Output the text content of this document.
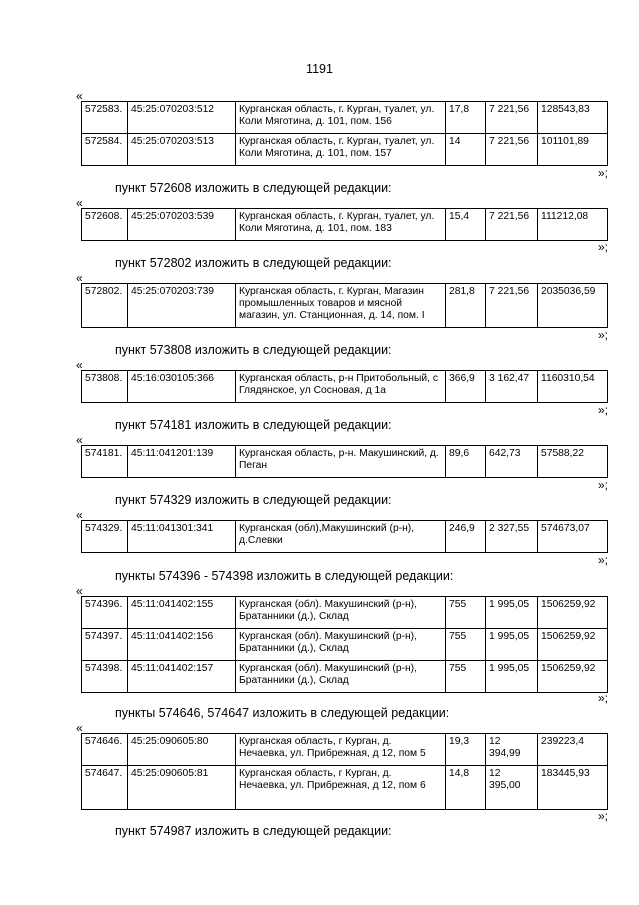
1191
«
572583.	45:25:070203:512	Курганская область, г. Курган, туалет, ул. Коли Мяготина, д. 101, пом. 156	17,8	7 221,56	128543,83
572584.	45:25:070203:513	Курганская область, г. Курган, туалет, ул. Коли Мяготина, д. 101, пом. 157	14	7 221,56	101101,89
»;
пункт 572608 изложить в следующей редакции:
«
572608.	45:25:070203:539	Курганская область, г. Курган, туалет, ул. Коли Мяготина, д. 101, пом. 183	15,4	7 221,56	111212,08
»;
пункт 572802 изложить в следующей редакции:
«
572802.	45:25:070203:739	Курганская область, г. Курган, Магазин промышленных товаров и мясной магазин, ул. Станционная, д. 14, пом. I	281,8	7 221,56	2035036,59
»;
пункт 573808 изложить в следующей редакции:
«
573808.	45:16:030105:366	Курганская область, р-н Притобольный, с Глядянское, ул Сосновая, д 1а	366,9	3 162,47	1160310,54
»;
пункт 574181 изложить в следующей редакции:
«
574181.	45:11:041201:139	Курганская область, р-н. Макушинский, д. Пеган	89,6	642,73	57588,22
»;
пункт 574329 изложить в следующей редакции:
«
574329.	45:11:041301:341	Курганская (обл),Макушинский (р-н), д.Слевки	246,9	2 327,55	574673,07
»;
пункты 574396 - 574398 изложить в следующей редакции:
«
574396.	45:11:041402:155	Курганская (обл). Макушинский (р-н), Братанники (д.), Склад	755	1 995,05	1506259,92
574397.	45:11:041402:156	Курганская (обл). Макушинский (р-н), Братанники (д.), Склад	755	1 995,05	1506259,92
574398.	45:11:041402:157	Курганская (обл). Макушинский (р-н), Братанники (д.), Склад	755	1 995,05	1506259,92
»;
пункты 574646, 574647 изложить в следующей редакции:
«
574646.	45:25:090605:80	Курганская область, г Курган, д. Нечаевка, ул. Прибрежная, д 12, пом 5	19,3	12 394,99	239223,4
574647.	45:25:090605:81	Курганская область, г Курган, д. Нечаевка, ул. Прибрежная, д 12, пом 6	14,8	12 395,00	183445,93
»;
пункт 574987 изложить в следующей редакции:
